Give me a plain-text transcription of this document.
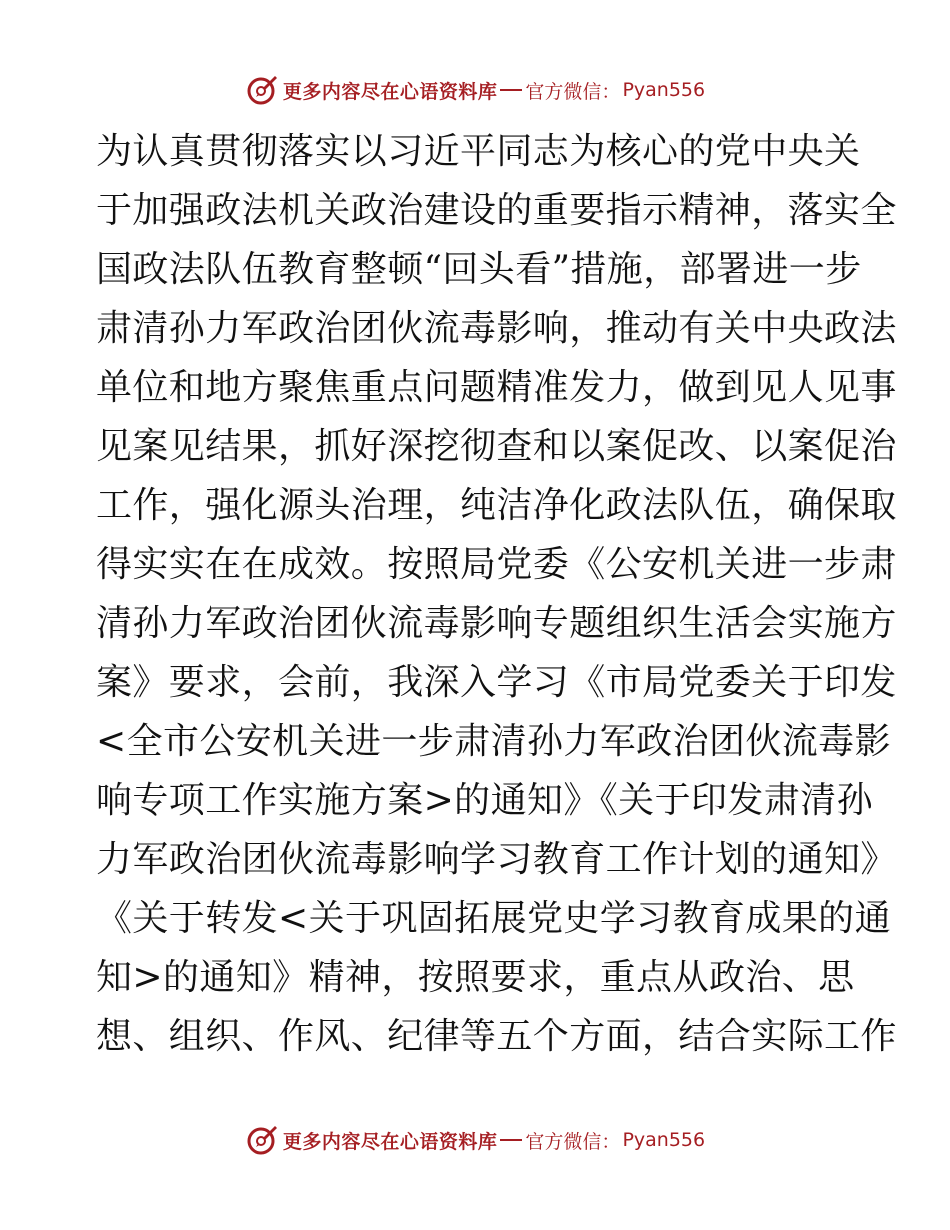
更多内容尽在心语资料库 官方微信： Pyan556
为认真贯彻落实以习近平同志为核心的党中央关
于加强政法机关政治建设的重要指示精神，落实全
国政法队伍教育整顿“回头看”措施，部署进一步
肃清孙力军政治团伙流毒影响，推动有关中央政法
单位和地方聚焦重点问题精准发力，做到见人见事
见案见结果，抓好深挖彻查和以案促改、以案促治
工作，强化源头治理，纯洁净化政法队伍，确保取
得实实在在成效。按照局党委《公安机关进一步肃
清孙力军政治团伙流毒影响专题组织生活会实施方
案》要求，会前，我深入学习《市局党委关于印发
<全市公安机关进一步肃清孙力军政治团伙流毒影
响专项工作实施方案>的通知》《关于印发肃清孙
力军政治团伙流毒影响学习教育工作计划的通知》
《关于转发<关于巩固拓展党史学习教育成果的通
知>的通知》精神，按照要求，重点从政治、思
想、组织、作风、纪律等五个方面，结合实际工作
更多内容尽在心语资料库 官方微信： Pyan556
